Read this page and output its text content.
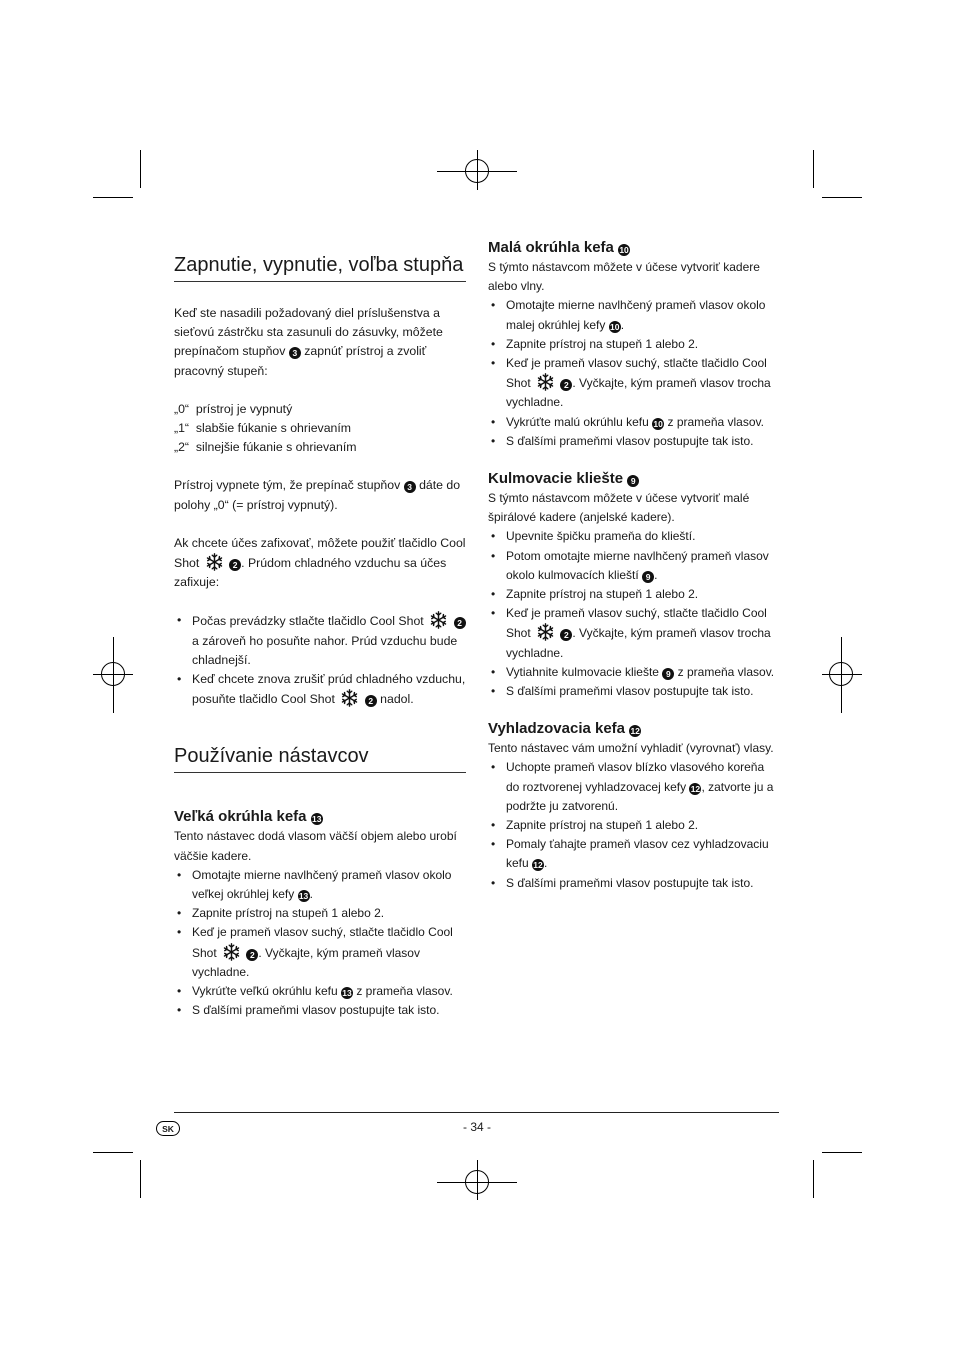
Zapnutie, vypnutie, voľba stupňa

Keď ste nasadili požadovaný diel príslušenstva a sieťovú zástrčku sta zasunuli do zásuvky, môžete prepínačom stupňov 3 zapnúť prístroj a zvoliť pracovný stupeň:

„0“ prístroj je vypnutý

„1“ slabšie fúkanie s ohrievaním

„2“ silnejšie fúkanie s ohrievaním

Prístroj vypnete tým, že prepínač stupňov 3 dáte do polohy „0“ (= prístroj vypnutý).

Ak chcete účes zafixovať, môžete použiť tlačidlo Cool Shot	2 . Prúdom chladného vzduchu sa účes zafixuje:

• Počas prevádzky stlačte tlačidlo Cool Shot	2 a zároveň ho posuňte nahor. Prúd vzduchu bude chladnejší.
• Keď chcete znova zrušiť prúd chladného vzduchu, posuňte tlačidlo Cool Shot	2 nadol.
Používanie nástavcov
Veľká okrúhla kefa 13

Tento nástavec dodá vlasom väčší objem alebo urobí väčšie kadere.

• Omotajte mierne navlhčený prameň vlasov okolo veľkej okrúhlej kefy 13.
• Zapnite prístroj na stupeň 1 alebo 2.
• Keď je prameň vlasov suchý, stlačte tlačidlo Cool Shot	2 . Vyčkajte, kým prameň vlasov vychladne.
• Vykrúťte veľkú okrúhlu kefu 13 z prameňa vlasov.
• S ďalšími prameňmi vlasov postupujte tak isto.
Malá okrúhla kefa 10

S týmto nástavcom môžete v účese vytvoriť kadere alebo vlny.

• Omotajte mierne navlhčený prameň vlasov okolo malej okrúhlej kefy 10.
• Zapnite prístroj na stupeň 1 alebo 2.
• Keď je prameň vlasov suchý, stlačte tlačidlo Cool Shot	2 . Vyčkajte, kým prameň vlasov trocha vychladne.
• Vykrúťte malú okrúhlu kefu 10 z prameňa vlasov.
• S ďalšími prameňmi vlasov postupujte tak isto.
Kulmovacie kliešte 9

S týmto nástavcom môžete v účese vytvoriť malé špirálové kadere (anjelské kadere).

• Upevnite špičku prameňa do klieští.
• Potom omotajte mierne navlhčený prameň vlasov okolo kulmovacích klieští 9 .
• Zapnite prístroj na stupeň 1 alebo 2.
• Keď je prameň vlasov suchý, stlačte tlačidlo Cool Shot	2 . Vyčkajte, kým prameň vlasov trocha vychladne.
• Vytiahnite kulmovacie kliešte 9 z prameňa vlasov.
• S ďalšími prameňmi vlasov postupujte tak isto.
Vyhladzovacia kefa 12

Tento nástavec vám umožní vyhladiť (vyrovnať) vlasy.

• Uchopte prameň vlasov blízko vlasového koreňa do roztvorenej vyhladzovacej kefy 12, zatvorte ju a podržte ju zatvorenú.
• Zapnite prístroj na stupeň 1 alebo 2.
• Pomaly ťahajte prameň vlasov cez vyhladzovaciu kefu 12.
• S ďalšími prameňmi vlasov postupujte tak isto.
SK	- 34 -
